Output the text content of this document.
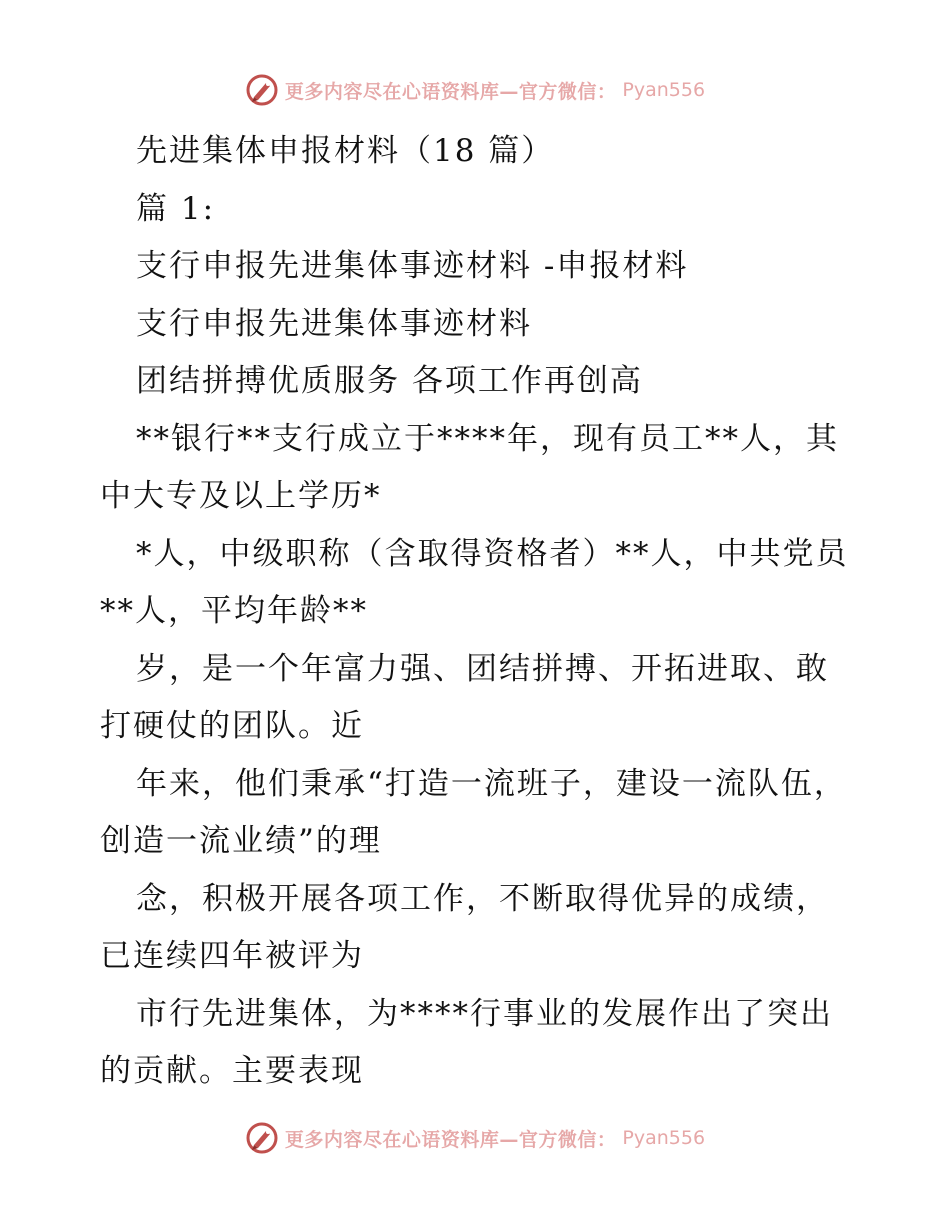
更多内容尽在心语资料库—官方微信： Pyan556

先进集体申报材料（18 篇）

篇 1:

支行申报先进集体事迹材料 -申报材料

支行申报先进集体事迹材料

团结拼搏优质服务 各项工作再创高

**银行**支行成立于****年，现有员工**人，其中大专及以上学历*

*人，中级职称（含取得资格者）**人，中共党员**人，平均年龄**

岁，是一个年富力强、团结拼搏、开拓进取、敢打硬仗的团队。近

年来，他们秉承“打造一流班子，建设一流队伍，创造一流业绩”的理

念，积极开展各项工作，不断取得优异的成绩，已连续四年被评为

市行先进集体，为****行事业的发展作出了突出的贡献。主要表现

更多内容尽在心语资料库—官方微信： Pyan556
